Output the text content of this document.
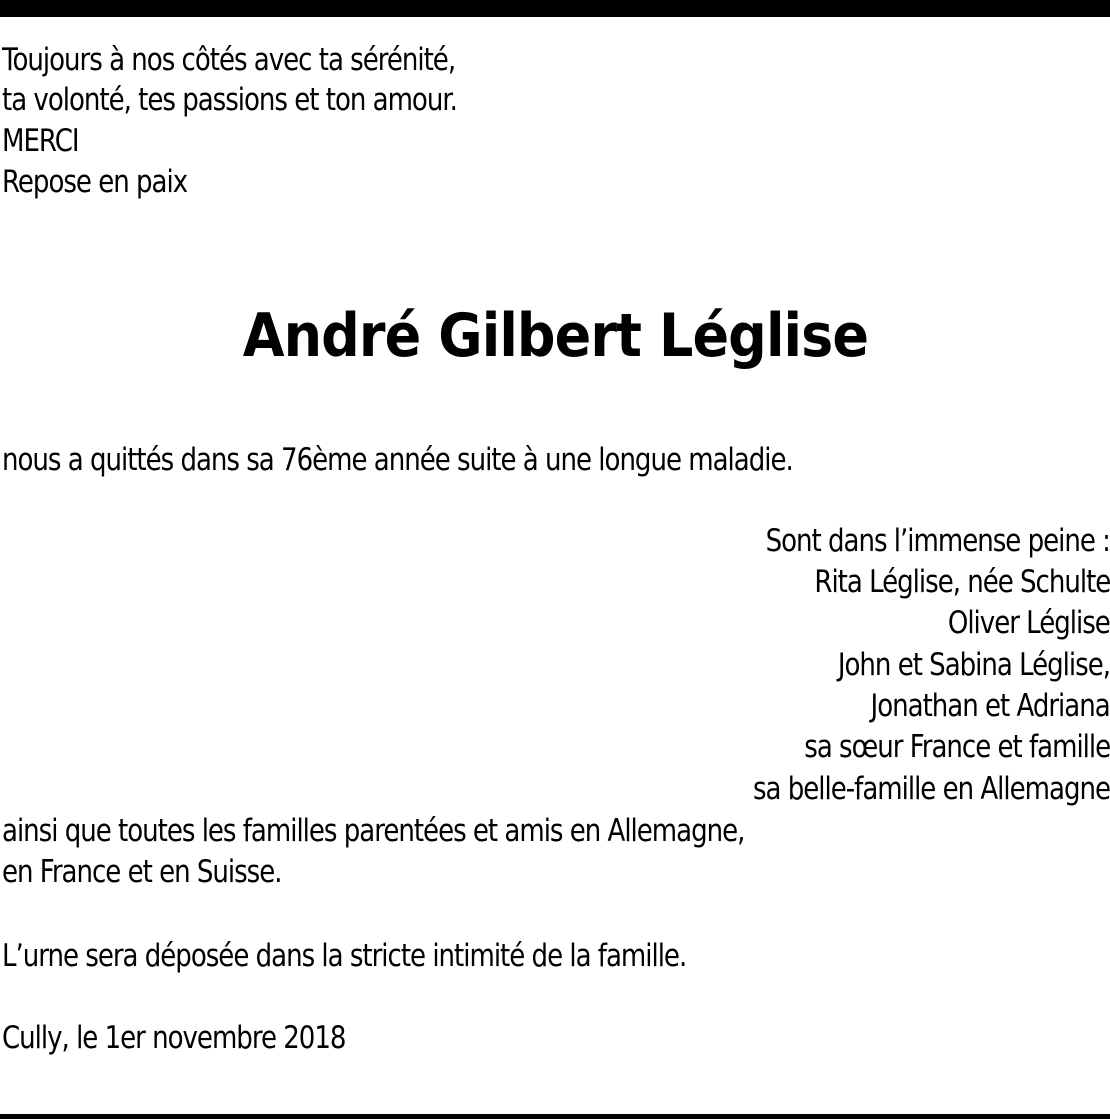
Toujours à nos côtés avec ta sérénité,
ta volonté, tes passions et ton amour.
MERCI
Repose en paix
André Gilbert Léglise
nous a quittés dans sa 76ème année suite à une longue maladie.
Sont dans l’immense peine :
Rita Léglise, née Schulte
Oliver Léglise
John et Sabina Léglise,
Jonathan et Adriana
sa sœur France et famille
sa belle-famille en Allemagne
ainsi que toutes les familles parentées et amis en Allemagne,
en France et en Suisse.
L’urne sera déposée dans la stricte intimité de la famille.
Cully, le 1er novembre 2018
